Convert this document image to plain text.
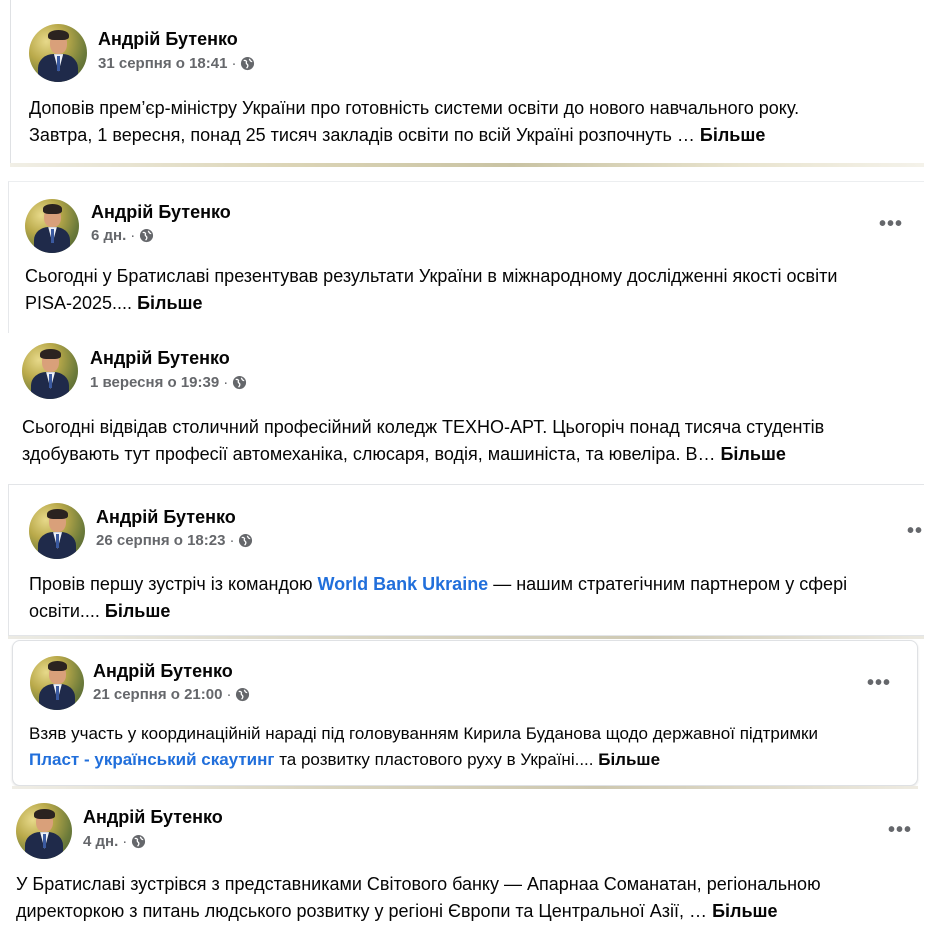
Андрій Бутенко
31 серпня о 18:41 ·
Доповів прем’єр-міністру України про готовність системи освіти до нового навчального року.
Завтра, 1 вересня, понад 25 тисяч закладів освіти по всій Україні розпочнуть … Більше
Андрій Бутенко
6 дн. ·
•••
Сьогодні у Братиславі презентував результати України в міжнародному дослідженні якості освіти
PISA-2025.... Більше
Андрій Бутенко
1 вересня о 19:39 ·
Сьогодні відвідав столичний професійний коледж ТЕХНО-АРТ. Цьогоріч понад тисяча студентів
здобувають тут професії автомеханіка, слюсаря, водія, машиніста, та ювеліра. В… Більше
Андрій Бутенко
26 серпня о 18:23 ·	••
Провів першу зустріч із командою World Bank Ukraine — нашим стратегічним партнером у сфері
освіти.... Більше
Андрій Бутенко
21 серпня о 21:00 ·
•••
Взяв участь у координаційній нараді під головуванням Кирила Буданова щодо державної підтримки
Пласт - український скаутинг та розвитку пластового руху в Україні.... Більше
Андрій Бутенко
4 дн. ·
•••
У Братиславі зустрівся з представниками Світового банку — Апарнаа Соманатан, регіональною
директоркою з питань людського розвитку у регіоні Європи та Центральної Азії, … Більше
